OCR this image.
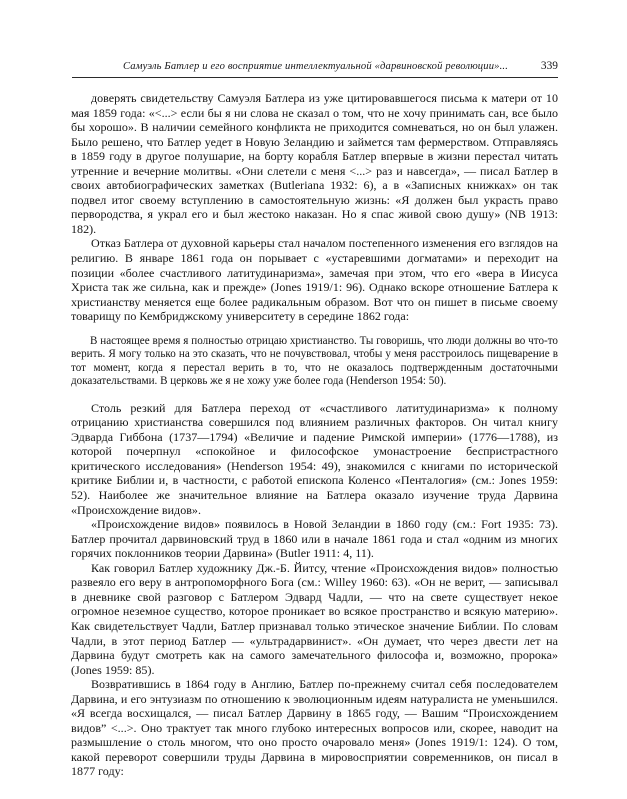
Самуэль Батлер и его восприятие интеллектуальной «дарвиновской революции»...	339

доверять свидетельству Самуэля Батлера из уже цитировавшегося письма к матери от 10 мая 1859 года: «<...> если бы я ни слова не сказал о том, что не хочу принимать сан, все было бы хорошо». В наличии семейного конфликта не приходится сомневаться, но он был улажен. Было решено, что Батлер уедет в Новую Зеландию и займется там фермерством. Отправляясь в 1859 году в другое полушарие, на борту корабля Батлер впервые в жизни перестал читать утренние и вечерние молитвы. «Они слетели с меня <...> раз и навсегда», — писал Батлер в своих автобиографических заметках (Butleriana 1932: 6), а в «Записных книжках» он так подвел итог своему вступлению в самостоятельную жизнь: «Я должен был украсть право первородства, я украл его и был жестоко наказан. Но я спас живой свою душу» (NB 1913: 182).

Отказ Батлера от духовной карьеры стал началом постепенного изменения его взглядов на религию. В январе 1861 года он порывает с «устаревшими догматами» и переходит на позиции «более счастливого латитудинаризма», замечая при этом, что его «вера в Иисуса Христа так же сильна, как и прежде» (Jones 1919/1: 96). Однако вскоре отношение Батлера к христианству меняется еще более радикальным образом. Вот что он пишет в письме своему товарищу по Кембриджскому университету в середине 1862 года:

В настоящее время я полностью отрицаю христианство. Ты говоришь, что люди должны во что-то верить. Я могу только на это сказать, что не почувствовал, чтобы у меня расстроилось пищеварение в тот момент, когда я перестал верить в то, что не оказалось подтвержденным достаточными доказательствами. В церковь же я не хожу уже более года (Henderson 1954: 50).

Столь резкий для Батлера переход от «счастливого латитудинаризма» к полному отрицанию христианства совершился под влиянием различных факторов. Он читал книгу Эдварда Гиббона (1737—1794) «Величие и падение Римской империи» (1776—1788), из которой почерпнул «спокойное и философское умонастроение беспристрастного критического исследования» (Henderson 1954: 49), знакомился с книгами по исторической критике Библии и, в частности, с работой епископа Коленсо «Пенталогия» (см.: Jones 1959: 52). Наиболее же значительное влияние на Батлера оказало изучение труда Дарвина «Происхождение видов».

«Происхождение видов» появилось в Новой Зеландии в 1860 году (см.: Fort 1935: 73). Батлер прочитал дарвиновский труд в 1860 или в начале 1861 года и стал «одним из многих горячих поклонников теории Дарвина» (Butler 1911: 4, 11).

Как говорил Батлер художнику Дж.-Б. Йитсу, чтение «Происхождения видов» полностью развеяло его веру в антропоморфного Бога (см.: Willey 1960: 63). «Он не верит, — записывал в дневнике свой разговор с Батлером Эдвард Чадли, — что на свете существует некое огромное неземное существо, которое проникает во всякое пространство и всякую материю». Как свидетельствует Чадли, Батлер признавал только этическое значение Библии. По словам Чадли, в этот период Батлер — «ультрадарвинист». «Он думает, что через двести лет на Дарвина будут смотреть как на самого замечательного философа и, возможно, пророка» (Jones 1959: 85).

Возвратившись в 1864 году в Англию, Батлер по-прежнему считал себя последователем Дарвина, и его энтузиазм по отношению к эволюционным идеям натуралиста не уменьшился. «Я всегда восхищался, — писал Батлер Дарвину в 1865 году, — Вашим “Происхождением видов” <...>. Оно трактует так много глубоко интересных вопросов или, скорее, наводит на размышление о столь многом, что оно просто очаровало меня» (Jones 1919/1: 124). О том, какой переворот совершили труды Дарвина в мировосприятии современников, он писал в 1877 году:
